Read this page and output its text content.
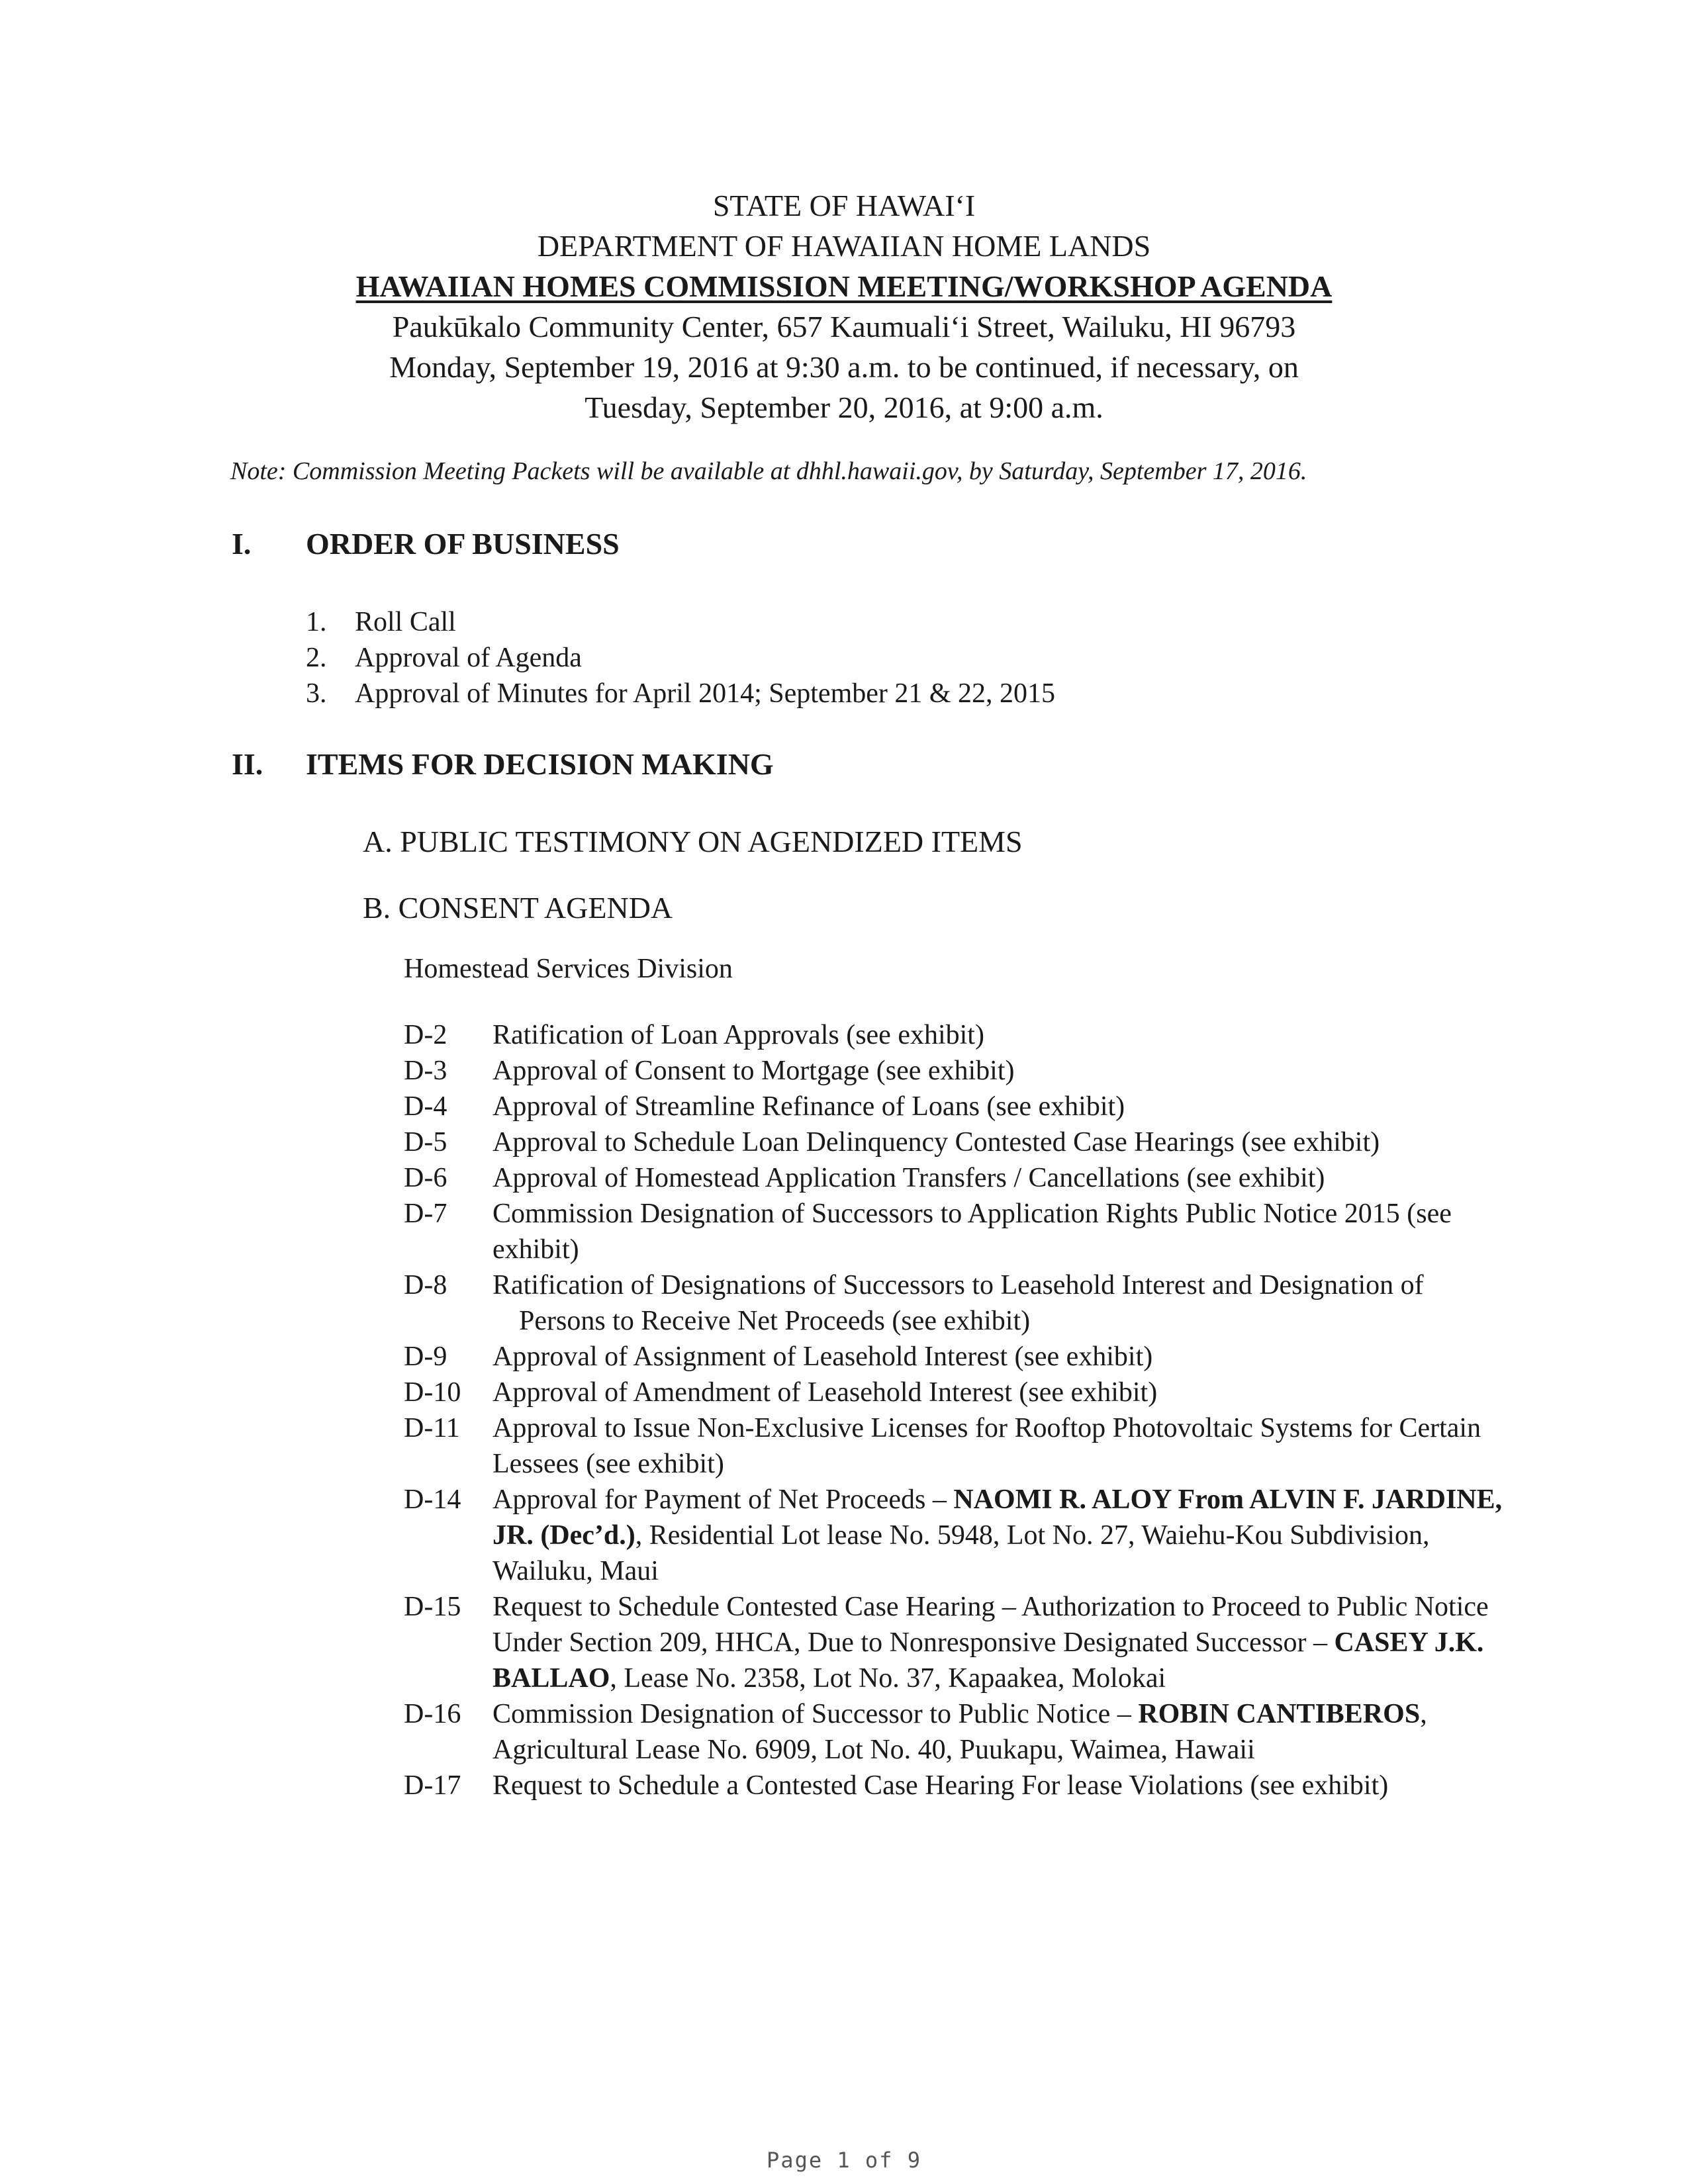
STATE OF HAWAIʻI
DEPARTMENT OF HAWAIIAN HOME LANDS
HAWAIIAN HOMES COMMISSION MEETING/WORKSHOP AGENDA
Paukūkalo Community Center, 657 Kaumualiʻi Street, Wailuku, HI 96793
Monday, September 19, 2016 at 9:30 a.m. to be continued, if necessary, on
Tuesday, September 20, 2016, at 9:00 a.m.
Note: Commission Meeting Packets will be available at dhhl.hawaii.gov, by Saturday, September 17, 2016.
I. ORDER OF BUSINESS
1. Roll Call
2. Approval of Agenda
3. Approval of Minutes for April 2014; September 21 & 22, 2015
II. ITEMS FOR DECISION MAKING
A. PUBLIC TESTIMONY ON AGENDIZED ITEMS
B. CONSENT AGENDA
Homestead Services Division
D-2	Ratification of Loan Approvals (see exhibit)
D-3	Approval of Consent to Mortgage (see exhibit)
D-4	Approval of Streamline Refinance of Loans (see exhibit)
D-5	Approval to Schedule Loan Delinquency Contested Case Hearings (see exhibit)
D-6	Approval of Homestead Application Transfers / Cancellations (see exhibit)
D-7	Commission Designation of Successors to Application Rights Public Notice 2015 (see exhibit)
D-8	Ratification of Designations of Successors to Leasehold Interest and Designation of Persons to Receive Net Proceeds (see exhibit)
D-9	Approval of Assignment of Leasehold Interest (see exhibit)
D-10	Approval of Amendment of Leasehold Interest (see exhibit)
D-11	Approval to Issue Non-Exclusive Licenses for Rooftop Photovoltaic Systems for Certain Lessees (see exhibit)
D-14	Approval for Payment of Net Proceeds – NAOMI R. ALOY From ALVIN F. JARDINE, JR. (Dec’d.), Residential Lot lease No. 5948, Lot No. 27, Waiehu-Kou Subdivision, Wailuku, Maui
D-15	Request to Schedule Contested Case Hearing – Authorization to Proceed to Public Notice Under Section 209, HHCA, Due to Nonresponsive Designated Successor – CASEY J.K. BALLAO, Lease No. 2358, Lot No. 37, Kapaakea, Molokai
D-16	Commission Designation of Successor to Public Notice – ROBIN CANTIBEROS, Agricultural Lease No. 6909, Lot No. 40, Puukapu, Waimea, Hawaii
D-17	Request to Schedule a Contested Case Hearing For lease Violations (see exhibit)
Page 1 of 9
